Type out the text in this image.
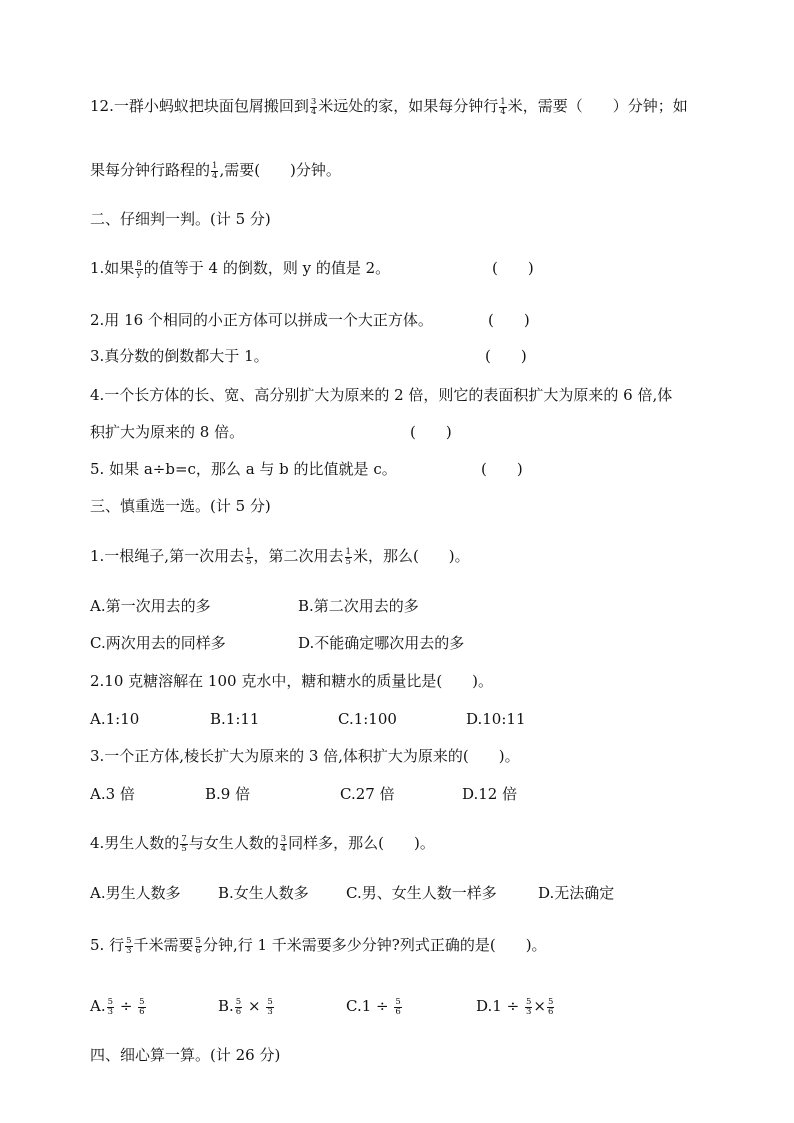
12.一群小蚂蚁把块面包屑搬回到 $\frac{3}{4}$ 米远处的家，如果每分钟行 $\frac{1}{4}$ 米，需要（　　）分钟；如
果每分钟行路程的 $\frac{1}{4}$ ,需要(　　)分钟。
二、仔细判一判。(计 5 分)
1.如果 $\frac{8}{y}$ 的值等于 4 的倒数，则 y 的值是 2。	(　　)
2.用 16 个相同的小正方体可以拼成一个大正方体。	(　　)
3.真分数的倒数都大于 1。	(　　)
4.一个长方体的长、宽、高分别扩大为原来的 2 倍，则它的表面积扩大为原来的 6 倍,体
积扩大为原来的 8 倍。	(　　)
5. 如果 a÷b=c，那么 a 与 b 的比值就是 c。	(　　)
三、慎重选一选。(计 5 分)
1.一根绳子,第一次用去 $\frac{1}{5}$ ，第二次用去 $\frac{1}{5}$ 米，那么(　　)。
A.第一次用去的多	B.第二次用去的多
C.两次用去的同样多	D.不能确定哪次用去的多
2.10 克糖溶解在 100 克水中，糖和糖水的质量比是(　　)。
A.1:10	B.1:11	C.1:100	D.10:11
3.一个正方体,棱长扩大为原来的 3 倍,体积扩大为原来的(　　)。
A.3 倍	B.9 倍	C.27 倍	D.12 倍
4.男生人数的 $\frac{7}{5}$ 与女生人数的 $\frac{3}{4}$ 同样多，那么(　　)。
A.男生人数多 B.女生人数多 C.男、女生人数一样多	D.无法确定
5. 行 $\frac{5}{3}$ 千米需要 $\frac{5}{6}$ 分钟,行 1 千米需要多少分钟?列式正确的是(　　)。
A. $\frac{5}{3} \div \frac{5}{6}$	B. $\frac{5}{6} \times \frac{5}{3}$	$C.1 \div \frac{5}{6}$	$D.1 \div \frac{5}{3} \times \frac{5}{6}$
四、细心算一算。(计 26 分)
